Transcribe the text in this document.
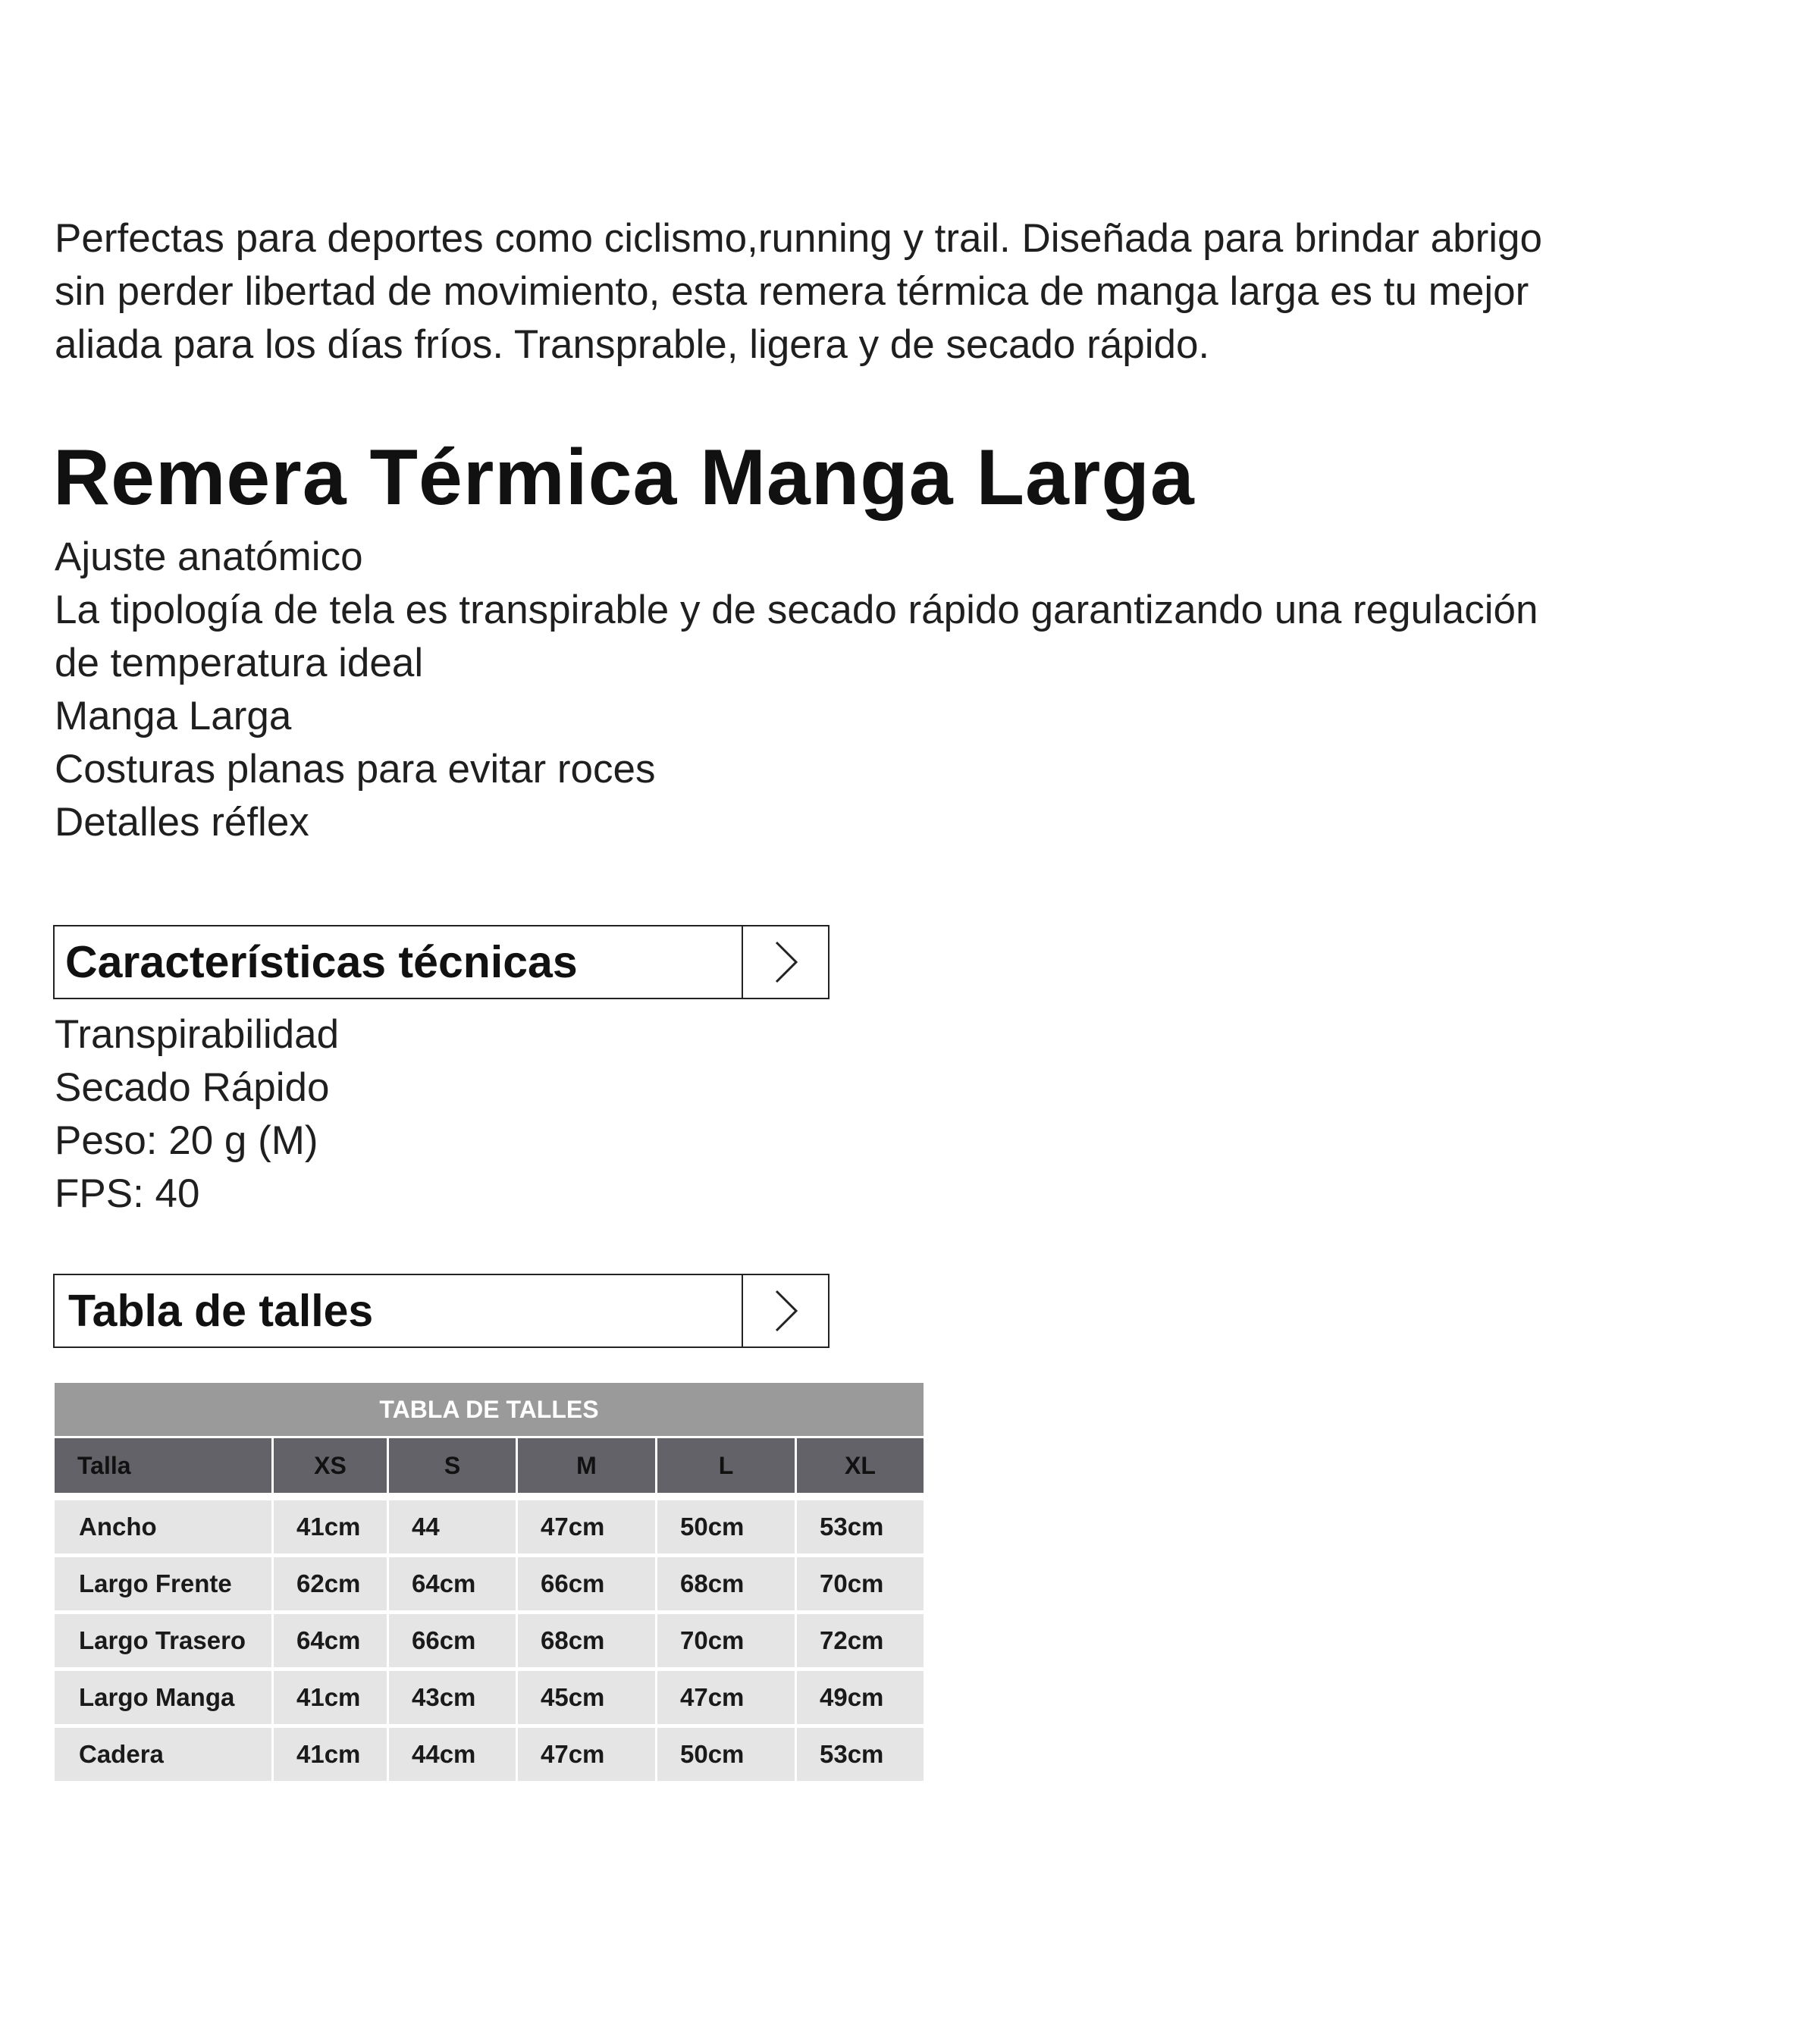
Perfectas para deportes como ciclismo,running y trail. Diseñada para brindar abrigo
sin perder libertad de movimiento, esta remera térmica de manga larga es tu mejor
aliada para los días fríos. Transprable, ligera y de secado rápido.

Remera Térmica Manga Larga
Ajuste anatómico
La tipología de tela es transpirable y de secado rápido garantizando una regulación
de temperatura ideal
Manga Larga
Costuras planas para evitar roces
Detalles réflex
Características técnicas
Transpirabilidad
Secado Rápido
Peso: 20 g (M)
FPS: 40
Tabla de talles
TABLA DE TALLES					
Talla	XS	S	M	L	XL

Ancho	41cm	44	47cm	50cm	53cm
Largo Frente	62cm	64cm	66cm	68cm	70cm
Largo Trasero	64cm	66cm	68cm	70cm	72cm
Largo Manga	41cm	43cm	45cm	47cm	49cm
Cadera	41cm	44cm	47cm	50cm	53cm
